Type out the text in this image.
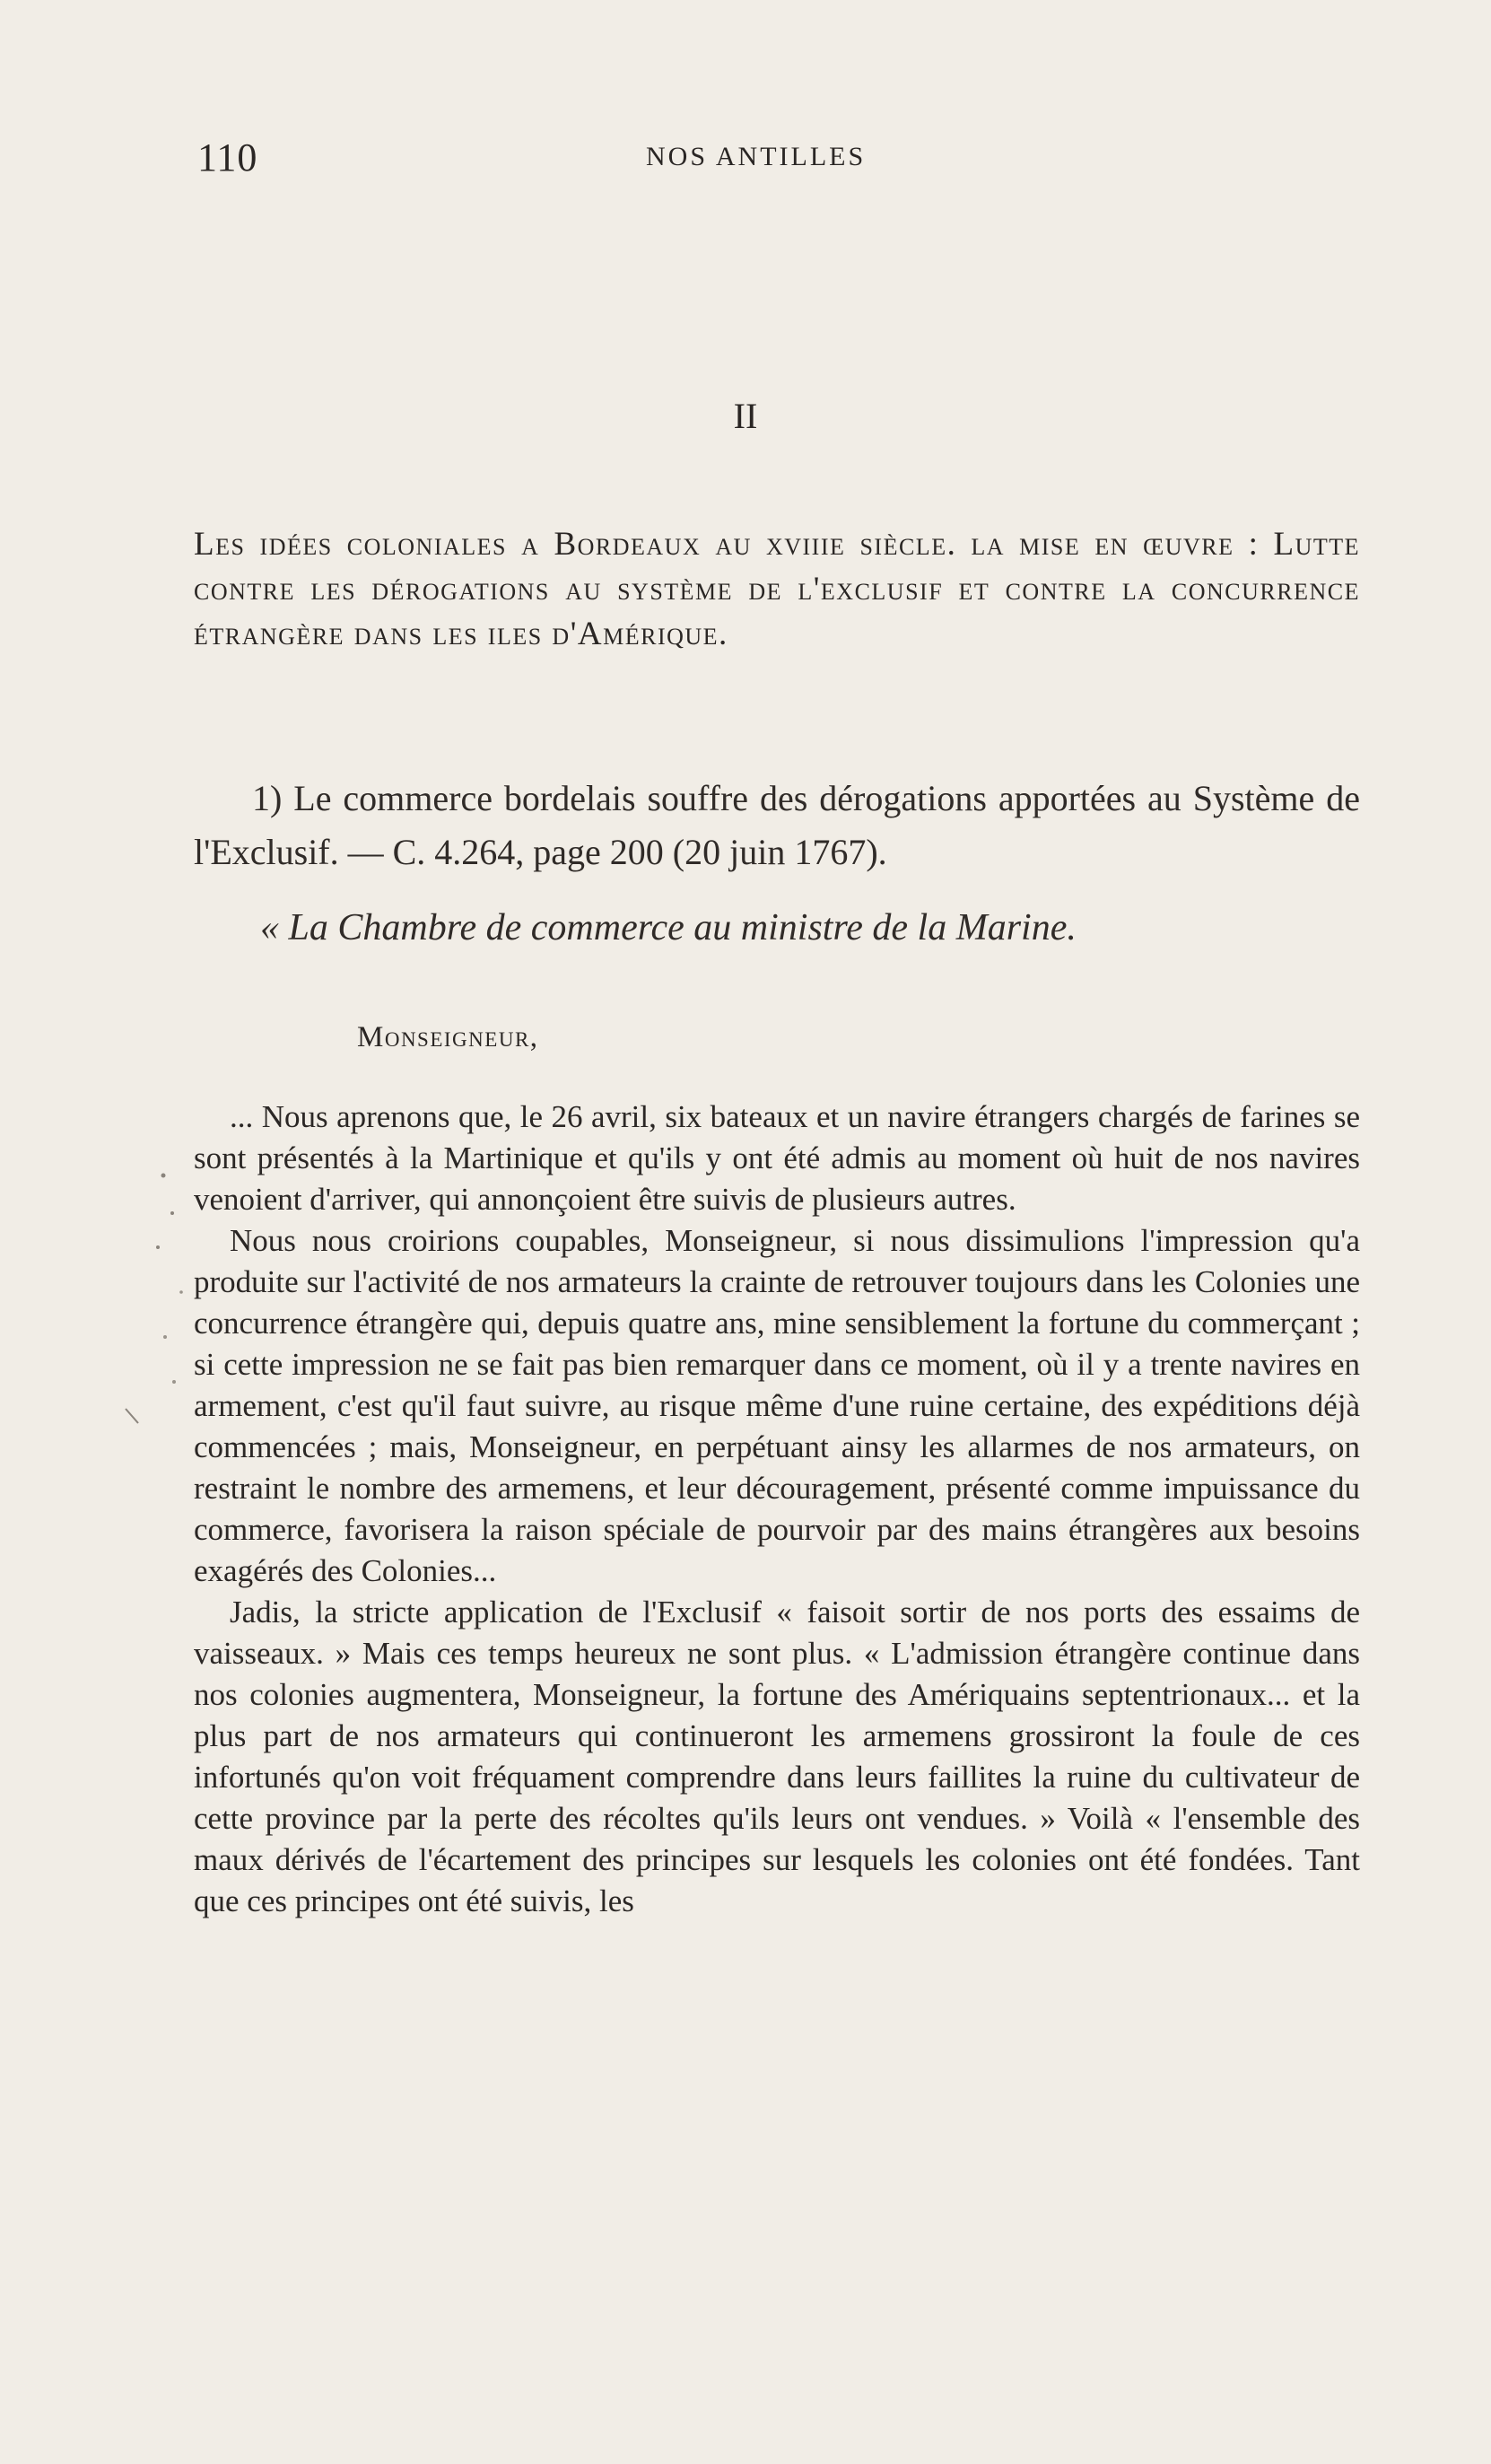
110	NOS ANTILLES
II
Les idées coloniales a Bordeaux au xviiie siècle. la mise en œuvre : Lutte contre les dérogations au système de l'exclusif et contre la concurrence étrangère dans les iles d'Amérique.
1) Le commerce bordelais souffre des dérogations apportées au Système de l'Exclusif. — C. 4.264, page 200 (20 juin 1767).
« La Chambre de commerce au ministre de la Marine.
Monseigneur,

... Nous aprenons que, le 26 avril, six bateaux et un navire étrangers chargés de farines se sont présentés à la Martinique et qu'ils y ont été admis au moment où huit de nos navires venoient d'arriver, qui annonçoient être suivis de plusieurs autres.

Nous nous croirions coupables, Monseigneur, si nous dissimulions l'impression qu'a produite sur l'activité de nos armateurs la crainte de retrouver toujours dans les Colonies une concurrence étrangère qui, depuis quatre ans, mine sensiblement la fortune du commerçant ; si cette impression ne se fait pas bien remarquer dans ce moment, où il y a trente navires en armement, c'est qu'il faut suivre, au risque même d'une ruine certaine, des expéditions déjà commencées ; mais, Monseigneur, en perpétuant ainsy les allarmes de nos armateurs, on restraint le nombre des armemens, et leur découragement, présenté comme impuissance du commerce, favorisera la raison spéciale de pourvoir par des mains étrangères aux besoins exagérés des Colonies...

Jadis, la stricte application de l'Exclusif « faisoit sortir de nos ports des essaims de vaisseaux. » Mais ces temps heureux ne sont plus. « L'admission étrangère continue dans nos colonies augmentera, Monseigneur, la fortune des Amériquains septentrionaux... et la plus part de nos armateurs qui continueront les armemens grossiront la foule de ces infortunés qu'on voit fréquament comprendre dans leurs faillites la ruine du cultivateur de cette province par la perte des récoltes qu'ils leurs ont vendues. » Voilà « l'ensemble des maux dérivés de l'écartement des principes sur lesquels les colonies ont été fondées. Tant que ces principes ont été suivis, les
